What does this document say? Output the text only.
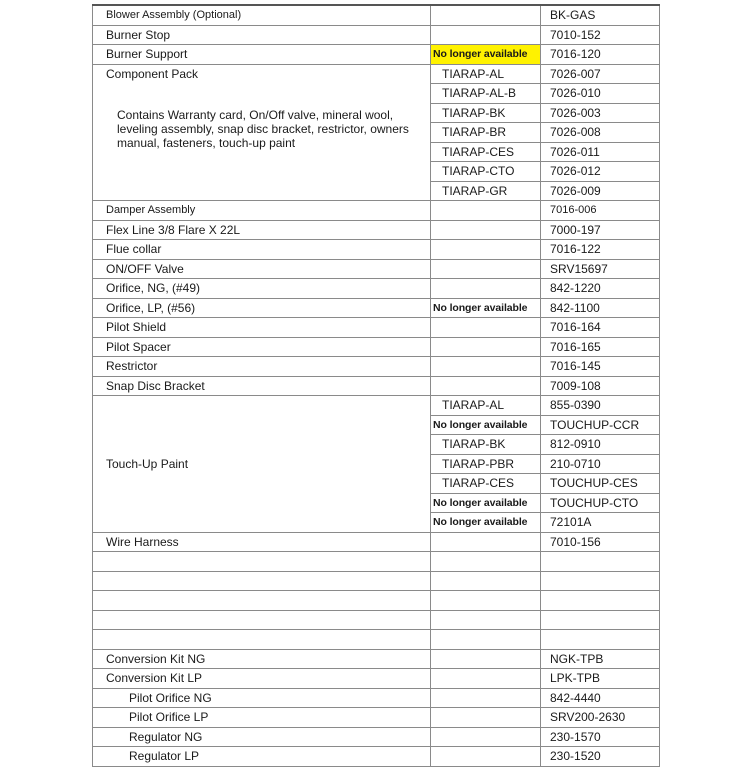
Blower Assembly (Optional)		BK-GAS
Burner Stop		7010-152
Burner Support	No longer available	7016-120

Component Pack
Contains Warranty card, On/Off valve, mineral wool, leveling assembly, snap disc bracket, restrictor, owners manual, fasteners, touch-up paint	TIARAP-AL	7026-007
	TIARAP-AL-B	7026-010
	TIARAP-BK	7026-003
	TIARAP-BR	7026-008
	TIARAP-CES	7026-011
	TIARAP-CTO	7026-012
	TIARAP-GR	7026-009
Damper Assembly		7016-006
Flex Line 3/8 Flare X 22L		7000-197
Flue collar		7016-122
ON/OFF Valve		SRV15697
Orifice, NG, (#49)		842-1220
Orifice, LP, (#56)	No longer available	842-1100
Pilot Shield		7016-164
Pilot Spacer		7016-165
Restrictor		7016-145
Snap Disc Bracket		7009-108
Touch-Up Paint	TIARAP-AL	855-0390
	No longer available	TOUCHUP-CCR
	TIARAP-BK	812-0910
	TIARAP-PBR	210-0710
	TIARAP-CES	TOUCHUP-CES
	No longer available	TOUCHUP-CTO
	No longer available	72101A
Wire Harness		7010-156

Conversion Kit NG		NGK-TPB
Conversion Kit LP		LPK-TPB
Pilot Orifice NG		842-4440
Pilot Orifice LP		SRV200-2630
Regulator NG		230-1570
Regulator LP		230-1520
